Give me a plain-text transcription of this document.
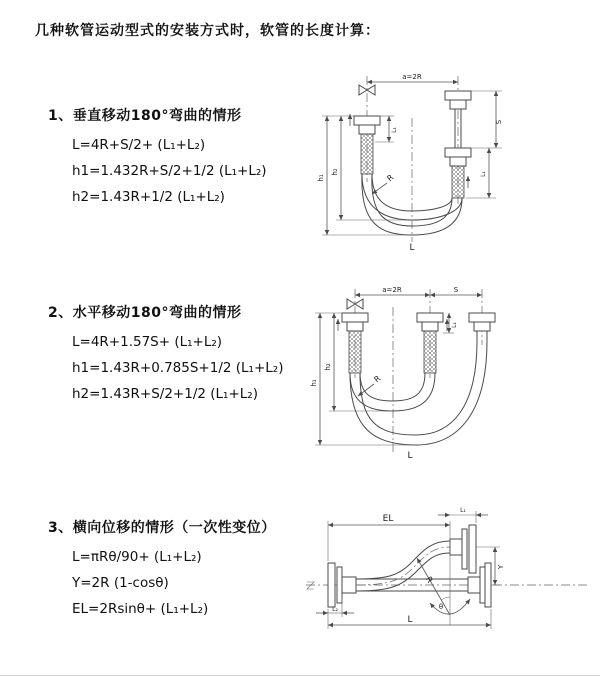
几种软管运动型式的安装方式时，软管的长度计算：
1、垂直移动180°弯曲的情形
L=4R+S/2+ (L₁+L₂)
h1=1.432R+S/2+1/2 (L₁+L₂)
h2=1.43R+1/2 (L₁+L₂)
2、水平移动180°弯曲的情形
L=4R+1.57S+ (L₁+L₂)
h1=1.43R+0.785S+1/2 (L₁+L₂)
h2=1.43R+S/2+1/2 (L₁+L₂)
3、横向位移的情形（一次性变位）
L=πRθ/90+ (L₁+L₂)
Y=2R (1-cosθ)
EL=2Rsinθ+ (L₁+L₂)
a=2R
h₁
h₂
S
L₁
L₁
R
L
a=2R	S
h₁
h₂
L₁
R
L
EL
L₁
Y
R
θ
L
L₂
